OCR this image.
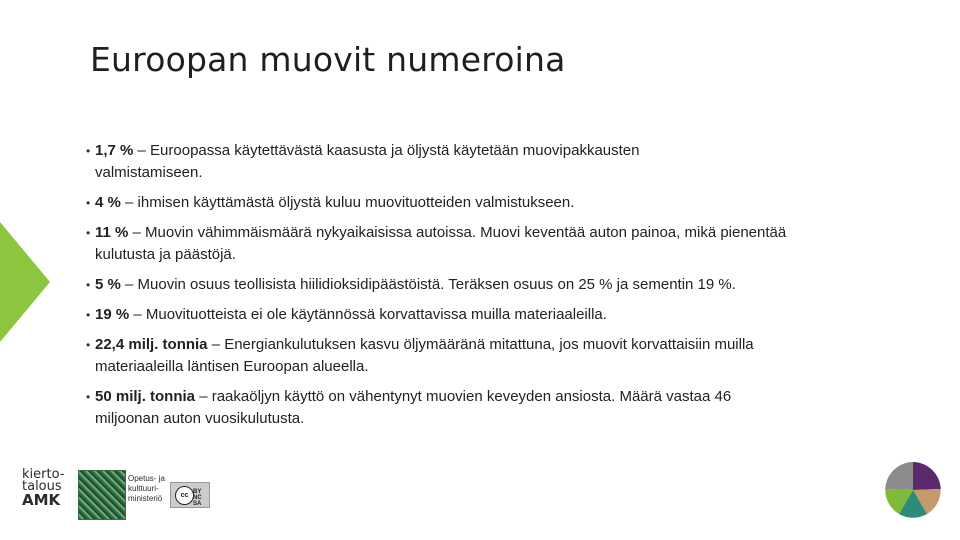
Euroopan muovit numeroina

• 1,7 % – Euroopassa käytettävästä kaasusta ja öljystä käytetään muovipakkausten
valmistamiseen.

• 4 % – ihmisen käyttämästä öljystä kuluu muovituotteiden valmistukseen.

• 11 % – Muovin vähimmäismäärä nykyaikaisissa autoissa. Muovi keventää auton painoa, mikä pienentää
kulutusta ja päästöjä.

• 5 % – Muovin osuus teollisista hiilidioksidipäästöistä. Teräksen osuus on 25 % ja sementin 19 %.

• 19 % – Muovituotteista ei ole käytännössä korvattavissa muilla materiaaleilla.

• 22,4 milj. tonnia – Energiankulutuksen kasvu öljymääränä mitattuna, jos muovit korvattaisiin muilla
materiaaleilla läntisen Euroopan alueella.

• 50 milj. tonnia – raakaöljyn käyttö on vähentynyt muovien keveyden ansiosta. Määrä vastaa 46
miljoonan auton vuosikulutusta.

kierto-
talous
AMK
Opetus- ja kulttuuri- ministeriö	cc BY NC SA
